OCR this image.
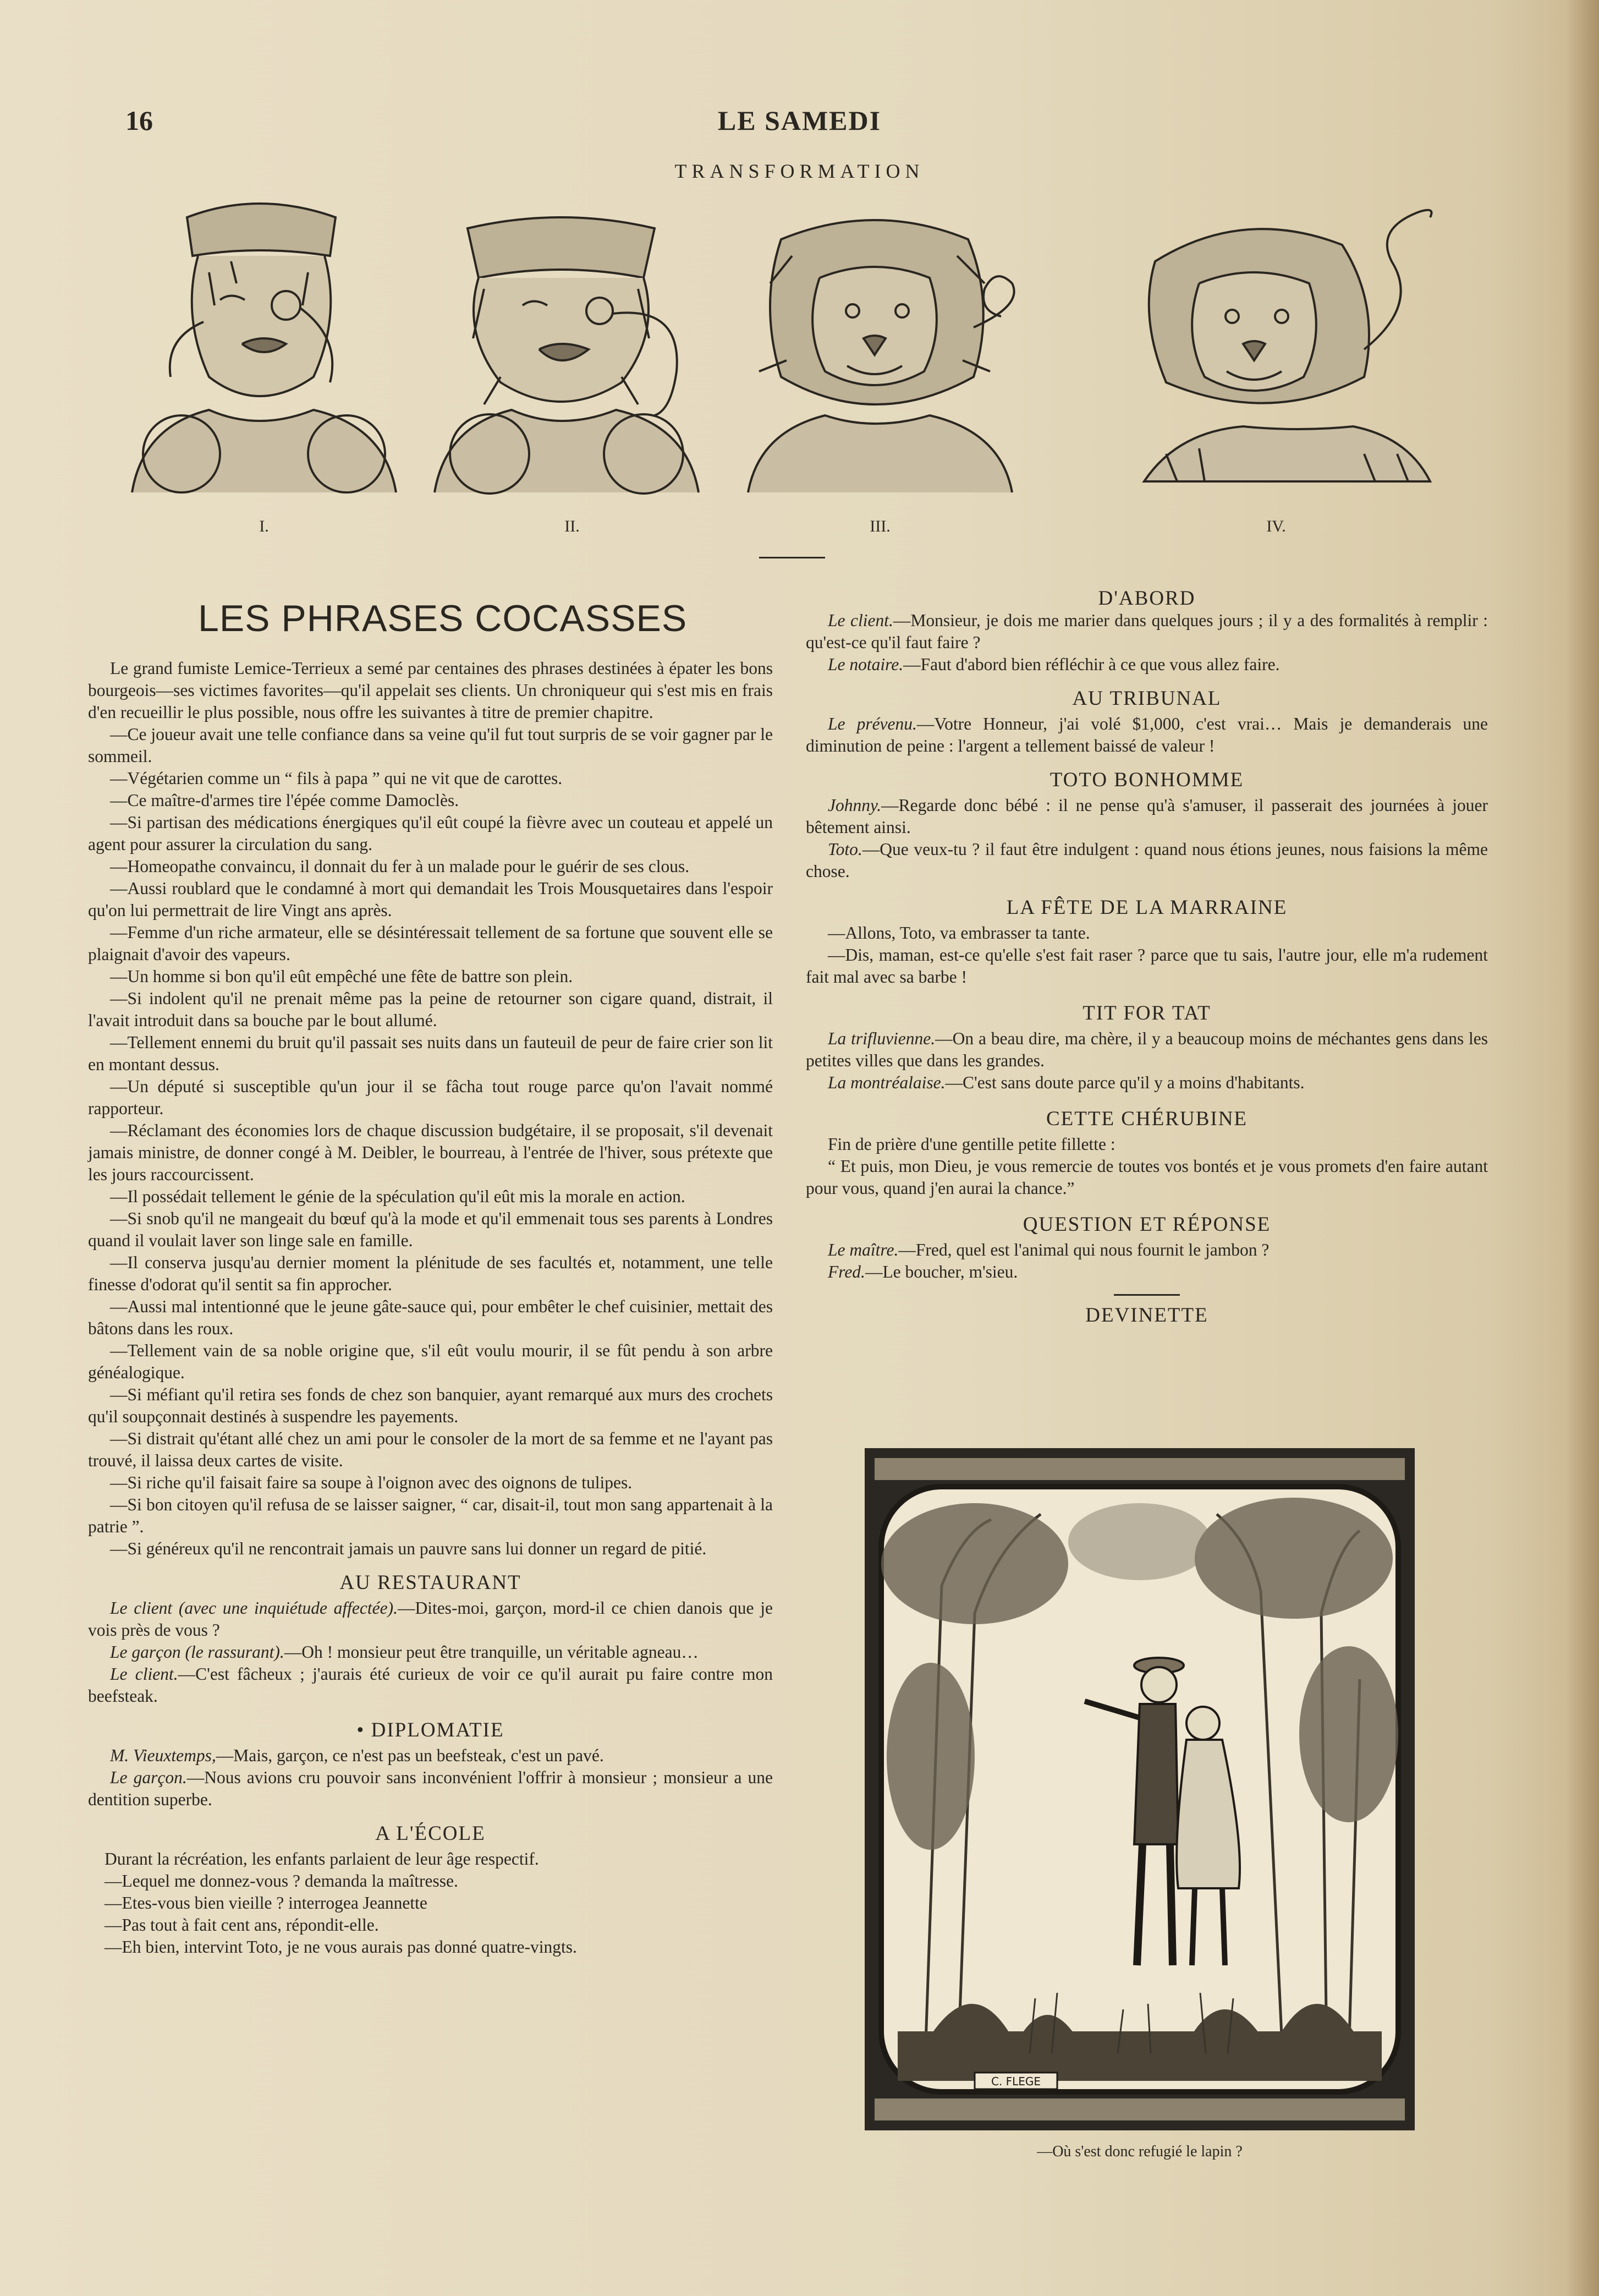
16	LE SAMEDI
TRANSFORMATION
I.	II.	III.	IV.
LES PHRASES COCASSES

Le grand fumiste Lemice-Terrieux a semé par centaines des phrases destinées à épater les bons bourgeois—ses victimes favorites—qu'il appelait ses clients. Un chroniqueur qui s'est mis en frais d'en recueillir le plus possible, nous offre les suivantes à titre de premier chapitre.

—Ce joueur avait une telle confiance dans sa veine qu'il fut tout surpris de se voir gagner par le sommeil.

—Végétarien comme un “ fils à papa ” qui ne vit que de carottes.

—Ce maître-d'armes tire l'épée comme Damoclès.

—Si partisan des médications énergiques qu'il eût coupé la fièvre avec un couteau et appelé un agent pour assurer la circulation du sang.

—Homeopathe convaincu, il donnait du fer à un malade pour le guérir de ses clous.

—Aussi roublard que le condamné à mort qui demandait les Trois Mousquetaires dans l'espoir qu'on lui permettrait de lire Vingt ans après.

—Femme d'un riche armateur, elle se désintéressait tellement de sa fortune que souvent elle se plaignait d'avoir des vapeurs.

—Un homme si bon qu'il eût empêché une fête de battre son plein.

—Si indolent qu'il ne prenait même pas la peine de retourner son cigare quand, distrait, il l'avait introduit dans sa bouche par le bout allumé.

—Tellement ennemi du bruit qu'il passait ses nuits dans un fauteuil de peur de faire crier son lit en montant dessus.

—Un député si susceptible qu'un jour il se fâcha tout rouge parce qu'on l'avait nommé rapporteur.

—Réclamant des économies lors de chaque discussion budgétaire, il se proposait, s'il devenait jamais ministre, de donner congé à M. Deibler, le bourreau, à l'entrée de l'hiver, sous prétexte que les jours raccourcissent.

—Il possédait tellement le génie de la spéculation qu'il eût mis la morale en action.

—Si snob qu'il ne mangeait du bœuf qu'à la mode et qu'il emmenait tous ses parents à Londres quand il voulait laver son linge sale en famille.

—Il conserva jusqu'au dernier moment la plénitude de ses facultés et, notamment, une telle finesse d'odorat qu'il sentit sa fin approcher.

—Aussi mal intentionné que le jeune gâte-sauce qui, pour embêter le chef cuisinier, mettait des bâtons dans les roux.

—Tellement vain de sa noble origine que, s'il eût voulu mourir, il se fût pendu à son arbre généalogique.

—Si méfiant qu'il retira ses fonds de chez son banquier, ayant remarqué aux murs des crochets qu'il soupçonnait destinés à suspendre les payements.

—Si distrait qu'étant allé chez un ami pour le consoler de la mort de sa femme et ne l'ayant pas trouvé, il laissa deux cartes de visite.

—Si riche qu'il faisait faire sa soupe à l'oignon avec des oignons de tulipes.

—Si bon citoyen qu'il refusa de se laisser saigner, “ car, disait-il, tout mon sang appartenait à la patrie ”.

—Si généreux qu'il ne rencontrait jamais un pauvre sans lui donner un regard de pitié.

AU RESTAURANT

Le client (avec une inquiétude affectée).—Dites-moi, garçon, mord-il ce chien danois que je vois près de vous ?

Le garçon (le rassurant).—Oh ! monsieur peut être tranquille, un véritable agneau…

Le client.—C'est fâcheux ; j'aurais été curieux de voir ce qu'il aurait pu faire contre mon beefsteak.

• DIPLOMATIE

M. Vieuxtemps,—Mais, garçon, ce n'est pas un beefsteak, c'est un pavé.

Le garçon.—Nous avions cru pouvoir sans inconvénient l'offrir à monsieur ; monsieur a une dentition superbe.

A L'ÉCOLE

Durant la récréation, les enfants parlaient de leur âge respectif.

—Lequel me donnez-vous ? demanda la maîtresse.

—Etes-vous bien vieille ? interrogea Jeannette

—Pas tout à fait cent ans, répondit-elle.

—Eh bien, intervint Toto, je ne vous aurais pas donné quatre-vingts.

D'ABORD

Le client.—Monsieur, je dois me marier dans quelques jours ; il y a des formalités à remplir : qu'est-ce qu'il faut faire ?

Le notaire.—Faut d'abord bien réfléchir à ce que vous allez faire.

AU TRIBUNAL

Le prévenu.—Votre Honneur, j'ai volé $1,000, c'est vrai… Mais je demanderais une diminution de peine : l'argent a tellement baissé de valeur !

TOTO BONHOMME

Johnny.—Regarde donc bébé : il ne pense qu'à s'amuser, il passerait des journées à jouer bêtement ainsi.

Toto.—Que veux-tu ? il faut être indulgent : quand nous étions jeunes, nous faisions la même chose.

LA FÊTE DE LA MARRAINE

—Allons, Toto, va embrasser ta tante.

—Dis, maman, est-ce qu'elle s'est fait raser ? parce que tu sais, l'autre jour, elle m'a rudement fait mal avec sa barbe !

TIT FOR TAT

La trifluvienne.—On a beau dire, ma chère, il y a beaucoup moins de méchantes gens dans les petites villes que dans les grandes.

La montréalaise.—C'est sans doute parce qu'il y a moins d'habitants.

CETTE CHÉRUBINE

Fin de prière d'une gentille petite fillette :

“ Et puis, mon Dieu, je vous remercie de toutes vos bontés et je vous promets d'en faire autant pour vous, quand j'en aurai la chance.”

QUESTION ET RÉPONSE

Le maître.—Fred, quel est l'animal qui nous fournit le jambon ?

Fred.—Le boucher, m'sieu.

DEVINETTE
C. FLEGE
—Où s'est donc refugié le lapin ?
